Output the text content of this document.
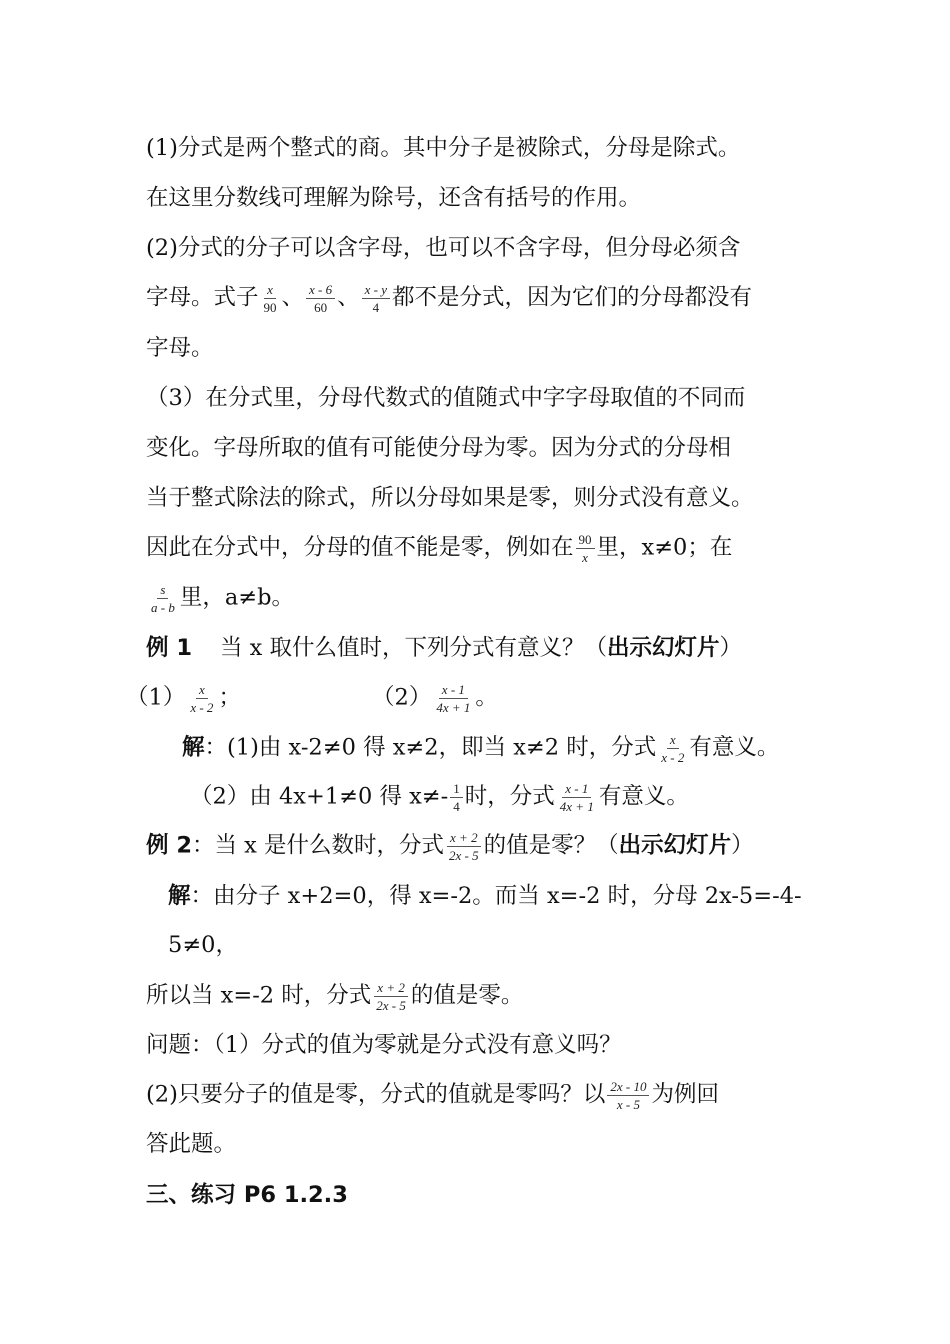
(1)分式是两个整式的商。其中分子是被除式，分母是除式。
在这里分数线可理解为除号，还含有括号的作用。
(2)分式的分子可以含字母，也可以不含字母，但分母必须含
字母。式子 $\frac{x}{90}$ 、 $\frac{x - 6}{60}$ 、 $\frac{x - y}{4}$ 都不是分式，因为它们的分母都没有
字母。
（3）在分式里，分母代数式的值随式中字字母取值的不同而
变化。字母所取的值有可能使分母为零。因为分式的分母相
当于整式除法的除式，所以分母如果是零，则分式没有意义。
因此在分式中，分母的值不能是零，例如在 $\frac{90}{x}$ 里，x≠0；在
$\frac{s}{a - b}$ 里，a≠b。
例 1 当 x 取什么值时，下列分式有意义？（出示幻灯片）
$(1) \frac{x}{x - 2}$ ；	$(2) \frac{x - 1}{4x + 1}$ 。
解：(1)由 x-2≠0 得 x≠2，即当 x≠2 时，分式 $\frac{x}{x - 2}$ 有意义。
（2）由 4x+1≠0 得 $x\ne- \frac{1}{4}$ 时，分式 $\frac{x - 1}{4x + 1}$ 有意义。
例 2：当 x 是什么数时，分式 $\frac{x + 2}{2x - 5}$ 的值是零？（出示幻灯片）
解：由分子 x+2=0，得 x=-2。而当 x=-2 时，分母 2x-5=-4-
5≠0，
所以当 x=-2 时，分式 $\frac{x + 2}{2x - 5}$ 的值是零。
问题：（1）分式的值为零就是分式没有意义吗？
(2)只要分子的值是零，分式的值就是零吗？以 $\frac{2x - 10}{x - 5}$ 为例回
答此题。
三、练习 P6 1.2.3
